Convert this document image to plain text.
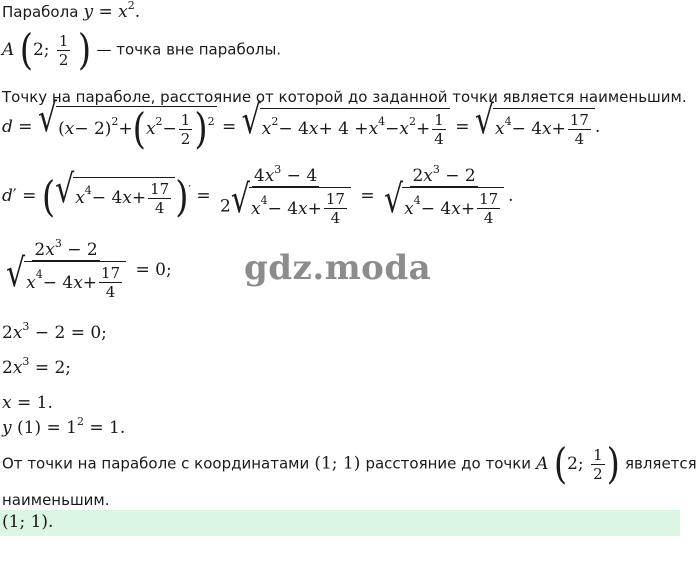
Парабола $y = x^2$.
A (2; $\frac{1}{2}$ ) — точка вне параболы.
Точку на параболе, расстояние от которой до заданной точки является наименьшим.
d = √ ( x − 2) 2 + ( x $2 - \frac{1}{2}$ ) 2 = √ x 2 − 4 x + 4 + x 4 − x $2 + \frac{1}{4}$ = √ x 4 − 4 $x + \frac{17}{4}$ .
d′ = ( √ x 4 − 4 $x + \frac{17}{4} )' = \frac{4x^3 - 4}{2 √ x 4 - 4 x + \frac{17}{4}} = \frac{2x^3 - 2}{√ x 4 - 4 x + \frac{17}{4}}$ .
$\frac{2x^3 - 2}{√ x 4 - 4 x + \frac{17}{4}} = 0$;
$2x^3 - 2 = 0$;
$2x^3 = 2$;
x = 1.
y $(1) = 1^2 = 1$.
От точки на параболе с координатами (1; 1) расстояние до точки A (2; $\frac{1}{2}$ ) является
наименьшим.
(1; 1).
gdz.moda
